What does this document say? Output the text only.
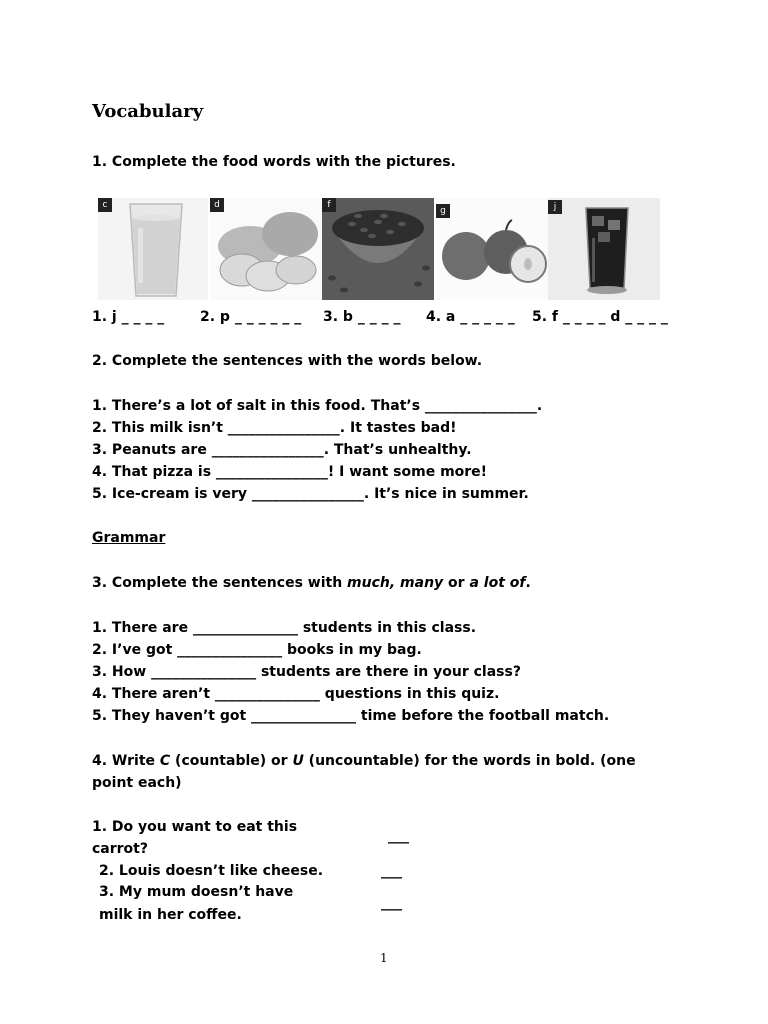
Vocabulary
1. Complete the food words with the pictures.
c	d	f
g	j
1. j _ _ _ _	2. p _ _ _ _ _ _ 3. b _ _ _ _ 4. a _ _ _ _ _ 5. f _ _ _ _ d _ _ _ _
2. Complete the sentences with the words below.
1. There’s a lot of salt in this food. That’s ________________.
2. This milk isn’t ________________. It tastes bad!
3. Peanuts are ________________. That’s unhealthy.
4. That pizza is ________________! I want some more!
5. Ice-cream is very ________________. It’s nice in summer.
Grammar
3. Complete the sentences with much, many or a lot of.
1. There are _______________ students in this class.
2. I’ve got _______________ books in my bag.
3. How _______________ students are there in your class?
4. There aren’t _______________ questions in this quiz.
5. They haven’t got _______________ time before the football match.
4. Write C (countable) or U (uncountable) for the words in bold. (one
point each)
1. Do you want to eat this
carrot?
___
2. Louis doesn’t like cheese.	___
3. My mum doesn’t have
milk in her coffee.
___
1
